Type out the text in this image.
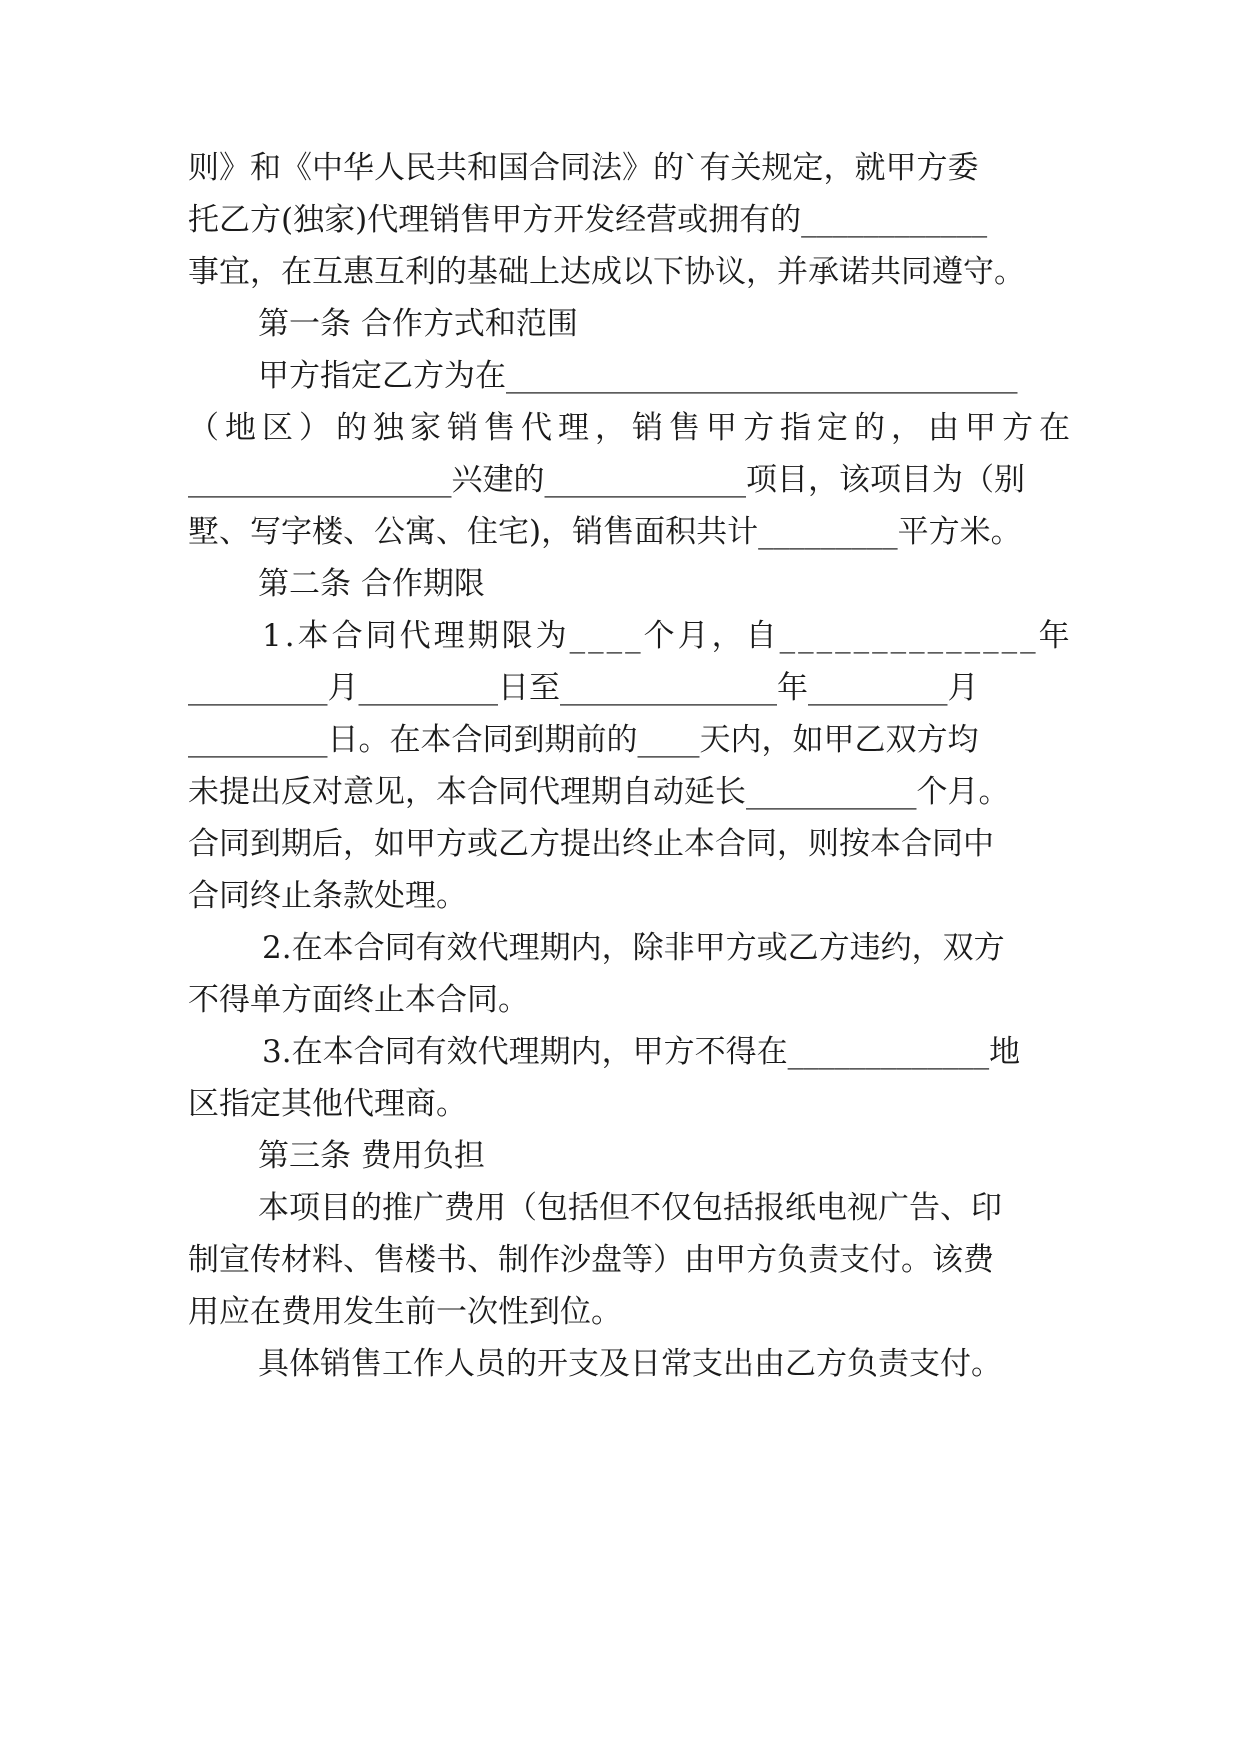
则》和《中华人民共和国合同法》的`有关规定，就甲方委
托乙方(独家)代理销售甲方开发经营或拥有的____________
事宜，在互惠互利的基础上达成以下协议，并承诺共同遵守。
第一条 合作方式和范围
甲方指定乙方为在_________________________________
（地区）的独家销售代理，销售甲方指定的，由甲方在
_________________兴建的_____________项目，该项目为（别
墅、写字楼、公寓、住宅)，销售面积共计_________平方米。
第二条 合作期限
1.本合同代理期限为____个月，自______________年
_________月_________日至______________年_________月
_________日。在本合同到期前的____天内，如甲乙双方均
未提出反对意见，本合同代理期自动延长___________个月。
合同到期后，如甲方或乙方提出终止本合同，则按本合同中
合同终止条款处理。
2.在本合同有效代理期内，除非甲方或乙方违约，双方
不得单方面终止本合同。
3.在本合同有效代理期内，甲方不得在_____________地
区指定其他代理商。
第三条 费用负担
本项目的推广费用（包括但不仅包括报纸电视广告、印
制宣传材料、售楼书、制作沙盘等）由甲方负责支付。该费
用应在费用发生前一次性到位。
具体销售工作人员的开支及日常支出由乙方负责支付。
